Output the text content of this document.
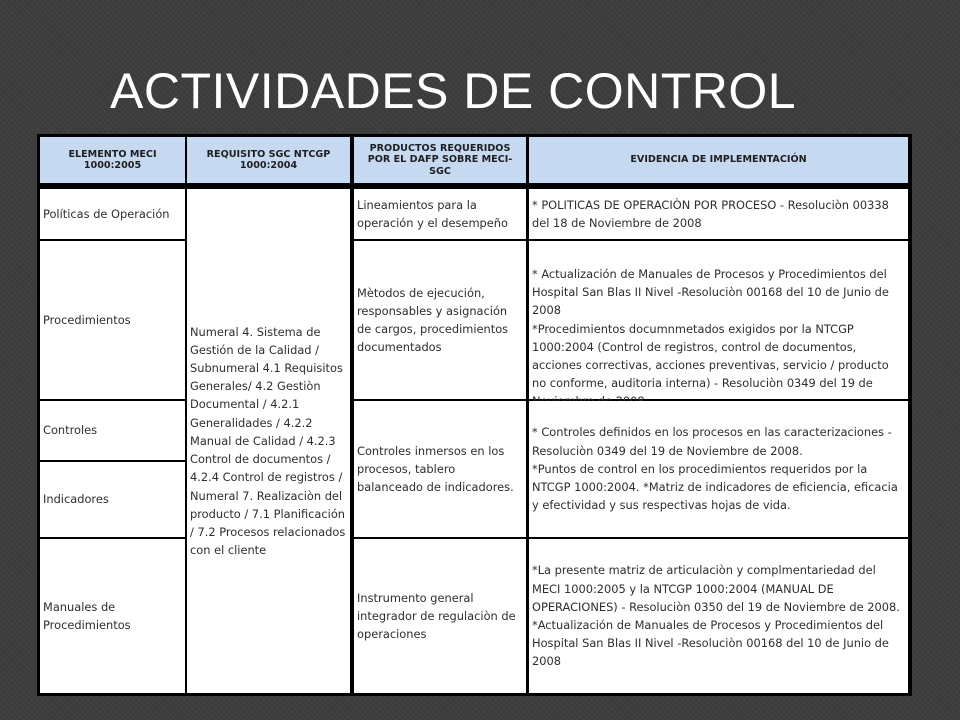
ACTIVIDADES DE CONTROL
ELEMENTO MECI 1000:2005
REQUISITO SGC NTCGP 1000:2004
PRODUCTOS REQUERIDOS POR EL DAFP SOBRE MECI-SGC
EVIDENCIA DE IMPLEMENTACIÓN
Políticas de Operación
Procedimientos
Controles
Indicadores
Manuales de Procedimientos
Numeral 4. Sistema de Gestión de la Calidad / Subnumeral 4.1 Requisitos Generales/ 4.2 Gestiòn Documental / 4.2.1 Generalidades / 4.2.2 Manual de Calidad / 4.2.3 Control de documentos / 4.2.4 Control de registros / Numeral 7. Realizaciòn del producto / 7.1 Planificación / 7.2 Procesos relacionados con el cliente
Lineamientos para la operación y el desempeño
Mètodos de ejecución, responsables y asignación de cargos, procedimientos documentados
Controles inmersos en los procesos, tablero balanceado de indicadores.
Instrumento general integrador de regulaciòn de operaciones
* POLITICAS DE OPERACIÒN POR PROCESO - Resoluciòn 00338 del 18 de Noviembre de 2008
* Actualización de Manuales de Procesos y Procedimientos del Hospital San Blas II Nivel -Resoluciòn 00168 del 10 de Junio de 2008
*Procedimientos documnmetados exigidos por la NTCGP 1000:2004 (Control de registros, control de documentos, acciones correctivas, acciones preventivas, servicio / producto no conforme, auditoria interna) - Resoluciòn 0349 del 19 de
* Controles definidos en los procesos en las caracterizaciones - Resoluciòn 0349 del 19 de Noviembre de 2008.
*Puntos de control en los procedimientos requeridos por la NTCGP 1000:2004. *Matriz de indicadores de eficiencia, eficacia y efectividad y sus respectivas hojas de vida.
*La presente matriz de articulaciòn y complmentariedad del MECI 1000:2005 y la NTCGP 1000:2004 (MANUAL DE OPERACIONES) - Resoluciòn 0350 del 19 de Noviembre de 2008.
*Actualización de Manuales de Procesos y Procedimientos del Hospital San Blas II Nivel -Resoluciòn 00168 del 10 de Junio de 2008
